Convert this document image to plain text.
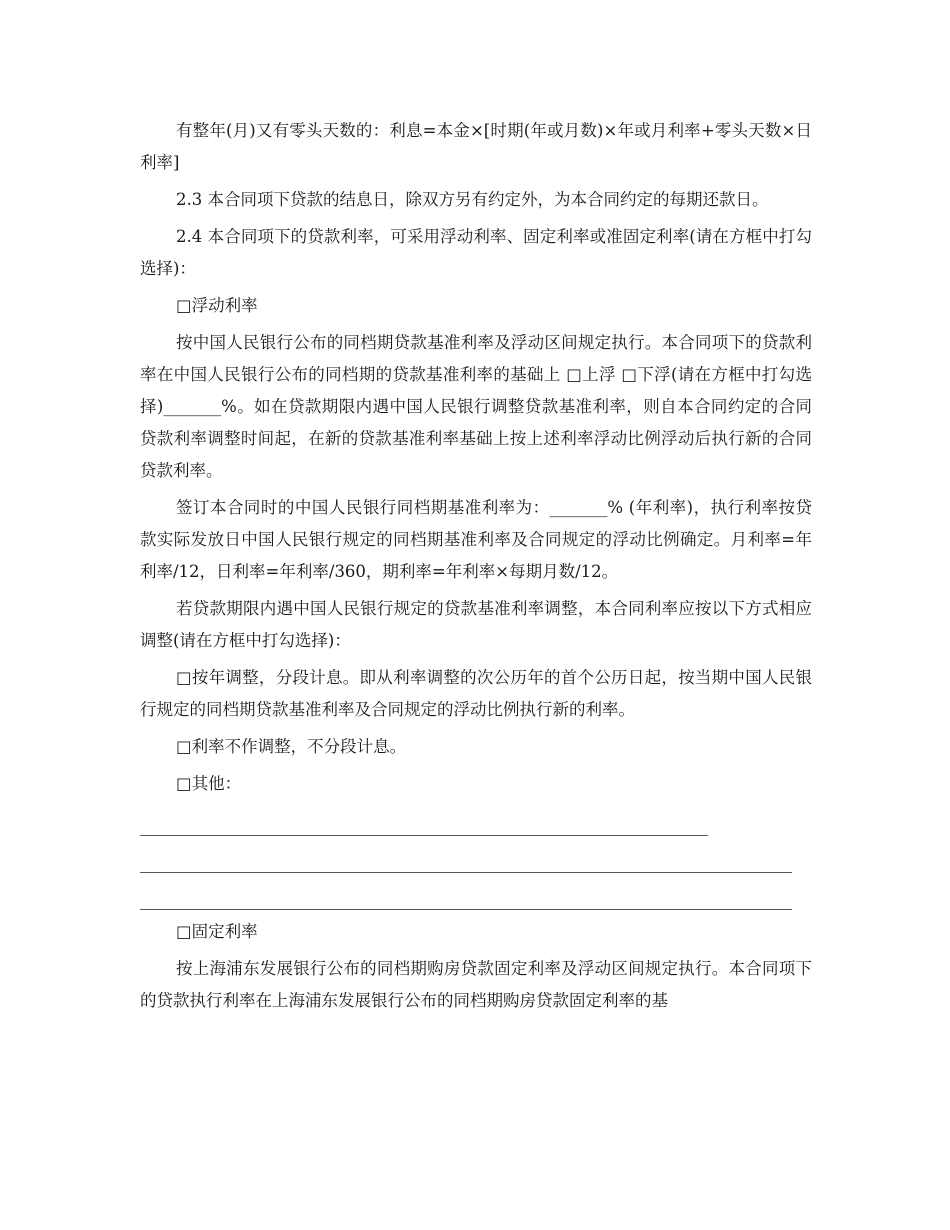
有整年(月)又有零头天数的：利息=本金×[时期(年或月数)×年或月利率+零头天数×日利率]

2.3 本合同项下贷款的结息日，除双方另有约定外，为本合同约定的每期还款日。

2.4 本合同项下的贷款利率，可采用浮动利率、固定利率或准固定利率(请在方框中打勾选择)：

□浮动利率

按中国人民银行公布的同档期贷款基准利率及浮动区间规定执行。本合同项下的贷款利率在中国人民银行公布的同档期的贷款基准利率的基础上 □上浮 □下浮(请在方框中打勾选择)_______%。如在贷款期限内遇中国人民银行调整贷款基准利率，则自本合同约定的合同贷款利率调整时间起，在新的贷款基准利率基础上按上述利率浮动比例浮动后执行新的合同贷款利率。

签订本合同时的中国人民银行同档期基准利率为：_______% (年利率)，执行利率按贷款实际发放日中国人民银行规定的同档期基准利率及合同规定的浮动比例确定。月利率=年利率/12，日利率=年利率/360，期利率=年利率×每期月数/12。

若贷款期限内遇中国人民银行规定的贷款基准利率调整，本合同利率应按以下方式相应调整(请在方框中打勾选择)：

□按年调整，分段计息。即从利率调整的次公历年的首个公历日起，按当期中国人民银行规定的同档期贷款基准利率及合同规定的浮动比例执行新的利率。

□利率不作调整，不分段计息。

□其他：

□固定利率

按上海浦东发展银行公布的同档期购房贷款固定利率及浮动区间规定执行。本合同项下的贷款执行利率在上海浦东发展银行公布的同档期购房贷款固定利率的基
